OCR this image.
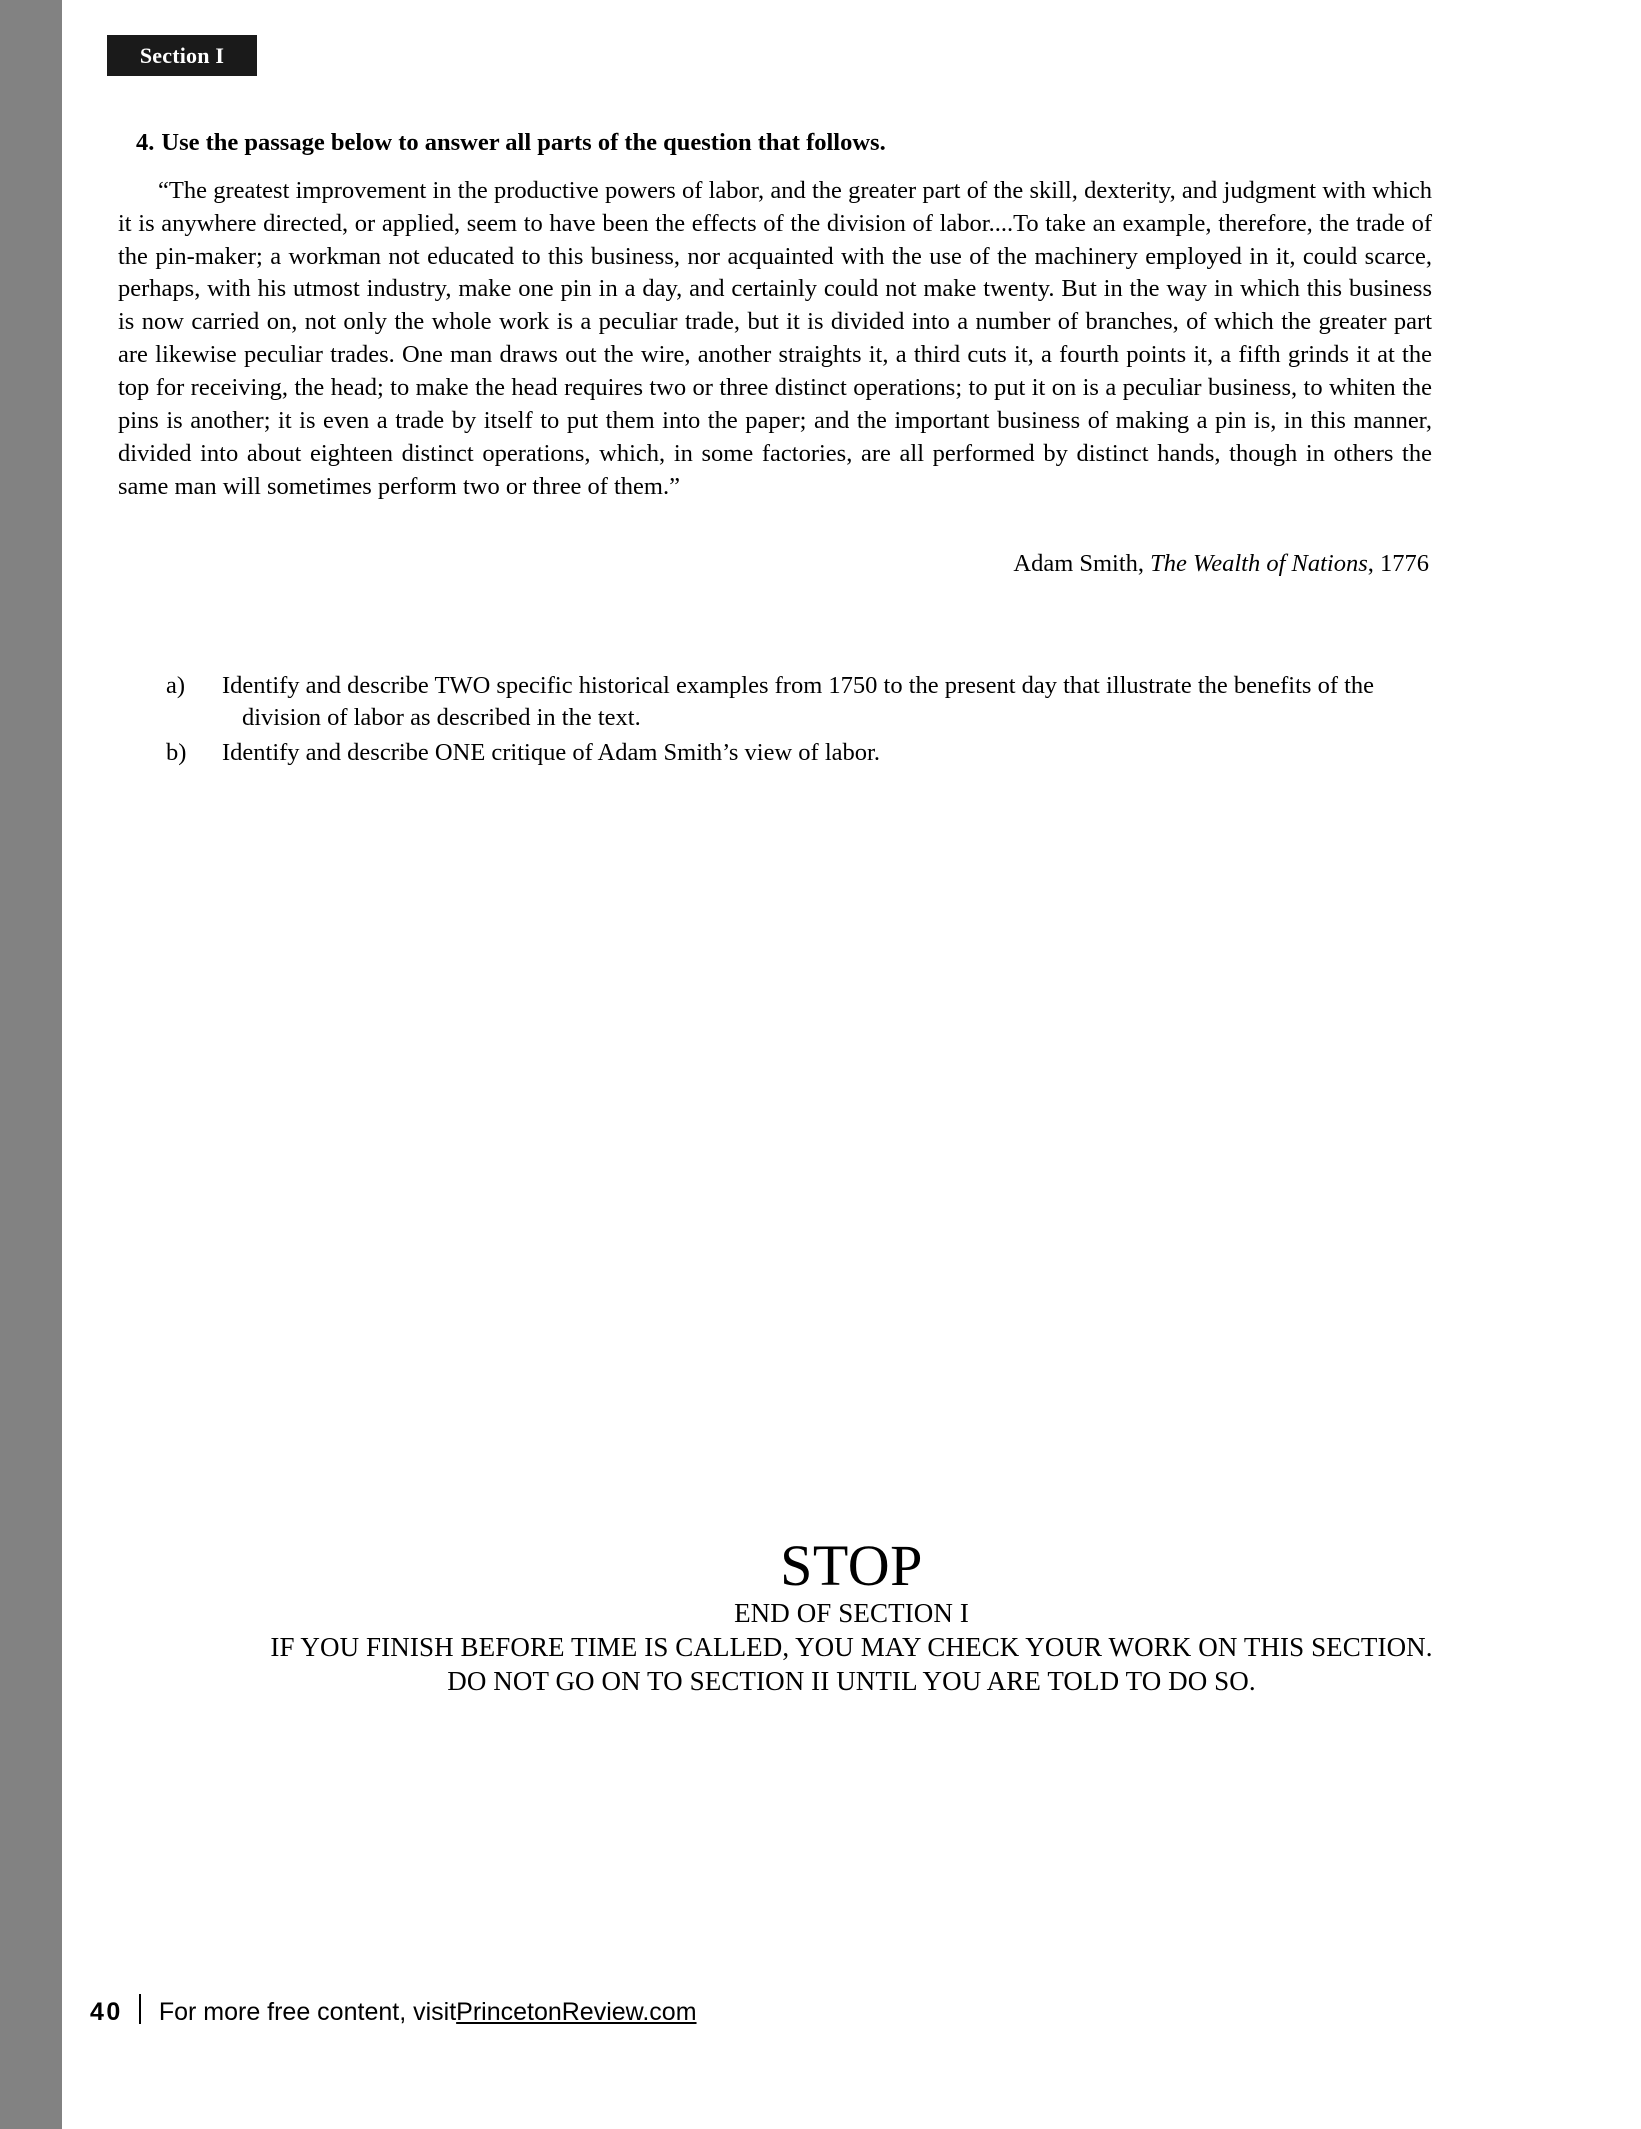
Section I

4. Use the passage below to answer all parts of the question that follows.

“The greatest improvement in the productive powers of labor, and the greater part of the skill, dexterity, and judgment with which it is anywhere directed, or applied, seem to have been the effects of the division of labor....To take an example, therefore, the trade of the pin-maker; a workman not educated to this business, nor acquainted with the use of the machinery employed in it, could scarce, perhaps, with his utmost industry, make one pin in a day, and certainly could not make twenty. But in the way in which this business is now carried on, not only the whole work is a peculiar trade, but it is divided into a number of branches, of which the greater part are likewise peculiar trades. One man draws out the wire, another straights it, a third cuts it, a fourth points it, a fifth grinds it at the top for receiving, the head; to make the head requires two or three distinct operations; to put it on is a peculiar business, to whiten the pins is another; it is even a trade by itself to put them into the paper; and the important business of making a pin is, in this manner, divided into about eighteen distinct operations, which, in some factories, are all performed by distinct hands, though in others the same man will sometimes perform two or three of them.”

Adam Smith, The Wealth of Nations, 1776

a)	Identify and describe TWO specific historical examples from 1750 to the present day that illustrate the benefits of the
division of labor as described in the text.
b)	Identify and describe ONE critique of Adam Smith’s view of labor.
STOP
END OF SECTION I
IF YOU FINISH BEFORE TIME IS CALLED, YOU MAY CHECK YOUR WORK ON THIS SECTION.
DO NOT GO ON TO SECTION II UNTIL YOU ARE TOLD TO DO SO.
40 For more free content, visit PrincetonReview.com
